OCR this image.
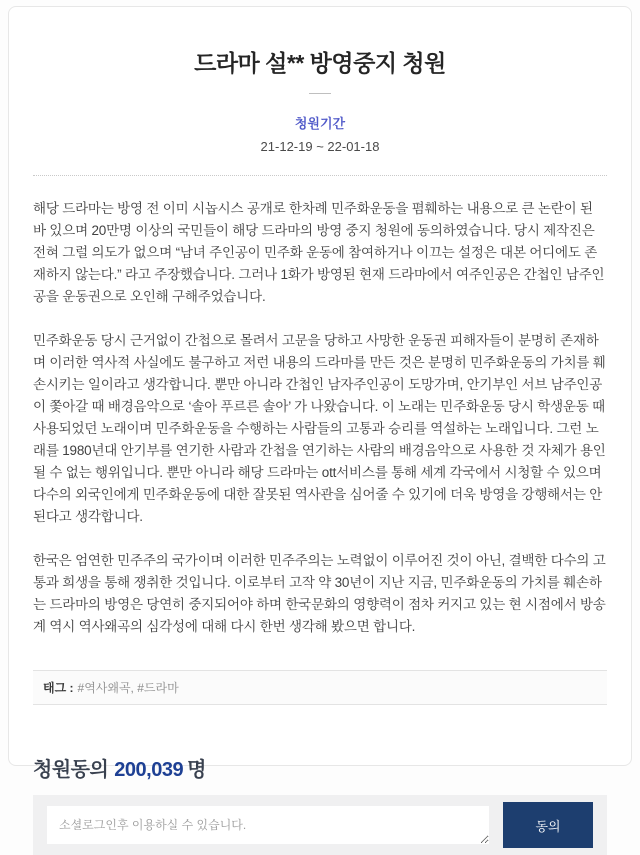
드라마 설** 방영중지 청원
청원기간
21-12-19 ~ 22-01-18

해당 드라마는 방영 전 이미 시놉시스 공개로 한차례 민주화운동을 폄훼하는 내용으로 큰 논란이 된 바 있으며 20만명 이상의 국민들이 해당 드라마의 방영 중지 청원에 동의하였습니다. 당시 제작진은 전혀 그럴 의도가 없으며 “남녀 주인공이 민주화 운동에 참여하거나 이끄는 설정은 대본 어디에도 존재하지 않는다.” 라고 주장했습니다. 그러나 1화가 방영된 현재 드라마에서 여주인공은 간첩인 남주인공을 운동권으로 오인해 구해주었습니다.

민주화운동 당시 근거없이 간첩으로 몰려서 고문을 당하고 사망한 운동권 피해자들이 분명히 존재하며 이러한 역사적 사실에도 불구하고 저런 내용의 드라마를 만든 것은 분명히 민주화운동의 가치를 훼손시키는 일이라고 생각합니다. 뿐만 아니라 간첩인 남자주인공이 도망가며, 안기부인 서브 남주인공이 쫓아갈 때 배경음악으로 ‘솔아 푸르른 솔아’ 가 나왔습니다. 이 노래는 민주화운동 당시 학생운동 때 사용되었던 노래이며 민주화운동을 수행하는 사람들의 고통과 승리를 역설하는 노래입니다. 그런 노래를 1980년대 안기부를 연기한 사람과 간첩을 연기하는 사람의 배경음악으로 사용한 것 자체가 용인될 수 없는 행위입니다. 뿐만 아니라 해당 드라마는 ott서비스를 통해 세계 각국에서 시청할 수 있으며 다수의 외국인에게 민주화운동에 대한 잘못된 역사관을 심어줄 수 있기에 더욱 방영을 강행해서는 안 된다고 생각합니다.

한국은 엄연한 민주주의 국가이며 이러한 민주주의는 노력없이 이루어진 것이 아닌, 결백한 다수의 고통과 희생을 통해 쟁취한 것입니다. 이로부터 고작 약 30년이 지난 지금, 민주화운동의 가치를 훼손하는 드라마의 방영은 당연히 중지되어야 하며 한국문화의 영향력이 점차 커지고 있는 현 시점에서 방송계 역시 역사왜곡의 심각성에 대해 다시 한번 생각해 봤으면 합니다.

태그 : #역사왜곡, #드라마
청원동의 200,039 명
소셜로그인후 이용하실 수 있습니다.
동의
